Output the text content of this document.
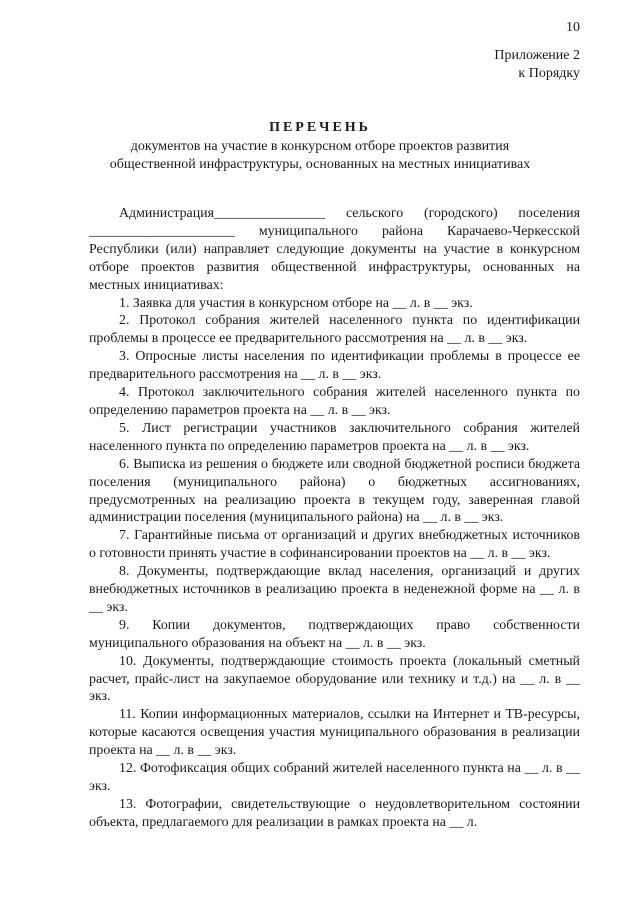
10
Приложение 2
к Порядку
ПЕРЕЧЕНЬ
документов на участие в конкурсном отборе проектов развития
общественной инфраструктуры, основанных на местных инициативах

Администрация________________ сельского (городского) поселения _____________________ муниципального района Карачаево-Черкесской Республики (или) направляет следующие документы на участие в конкурсном отборе проектов развития общественной инфраструктуры, основанных на местных инициативах:

1. Заявка для участия в конкурсном отборе на __ л. в __ экз.

2. Протокол собрания жителей населенного пункта по идентификации проблемы в процессе ее предварительного рассмотрения на __ л. в __ экз.

3. Опросные листы населения по идентификации проблемы в процессе ее предварительного рассмотрения на __ л. в __ экз.

4. Протокол заключительного собрания жителей населенного пункта по определению параметров проекта на __ л. в __ экз.

5. Лист регистрации участников заключительного собрания жителей населенного пункта по определению параметров проекта на __ л. в __ экз.

6. Выписка из решения о бюджете или сводной бюджетной росписи бюджета поселения (муниципального района) о бюджетных ассигнованиях, предусмотренных на реализацию проекта в текущем году, заверенная главой администрации поселения (муниципального района) на __ л. в __ экз.

7. Гарантийные письма от организаций и других внебюджетных источников о готовности принять участие в софинансировании проектов на __ л. в __ экз.

8. Документы, подтверждающие вклад населения, организаций и других внебюджетных источников в реализацию проекта в неденежной форме на __ л. в __ экз.

9. Копии документов, подтверждающих право собственности муниципального образования на объект на __ л. в __ экз.

10. Документы, подтверждающие стоимость проекта (локальный сметный расчет, прайс-лист на закупаемое оборудование или технику и т.д.) на __ л. в __ экз.

11. Копии информационных материалов, ссылки на Интернет и ТВ-ресурсы, которые касаются освещения участия муниципального образования в реализации проекта на __ л. в __ экз.

12. Фотофиксация общих собраний жителей населенного пункта на __ л. в __ экз.

13. Фотографии, свидетельствующие о неудовлетворительном состоянии объекта, предлагаемого для реализации в рамках проекта на __ л.
